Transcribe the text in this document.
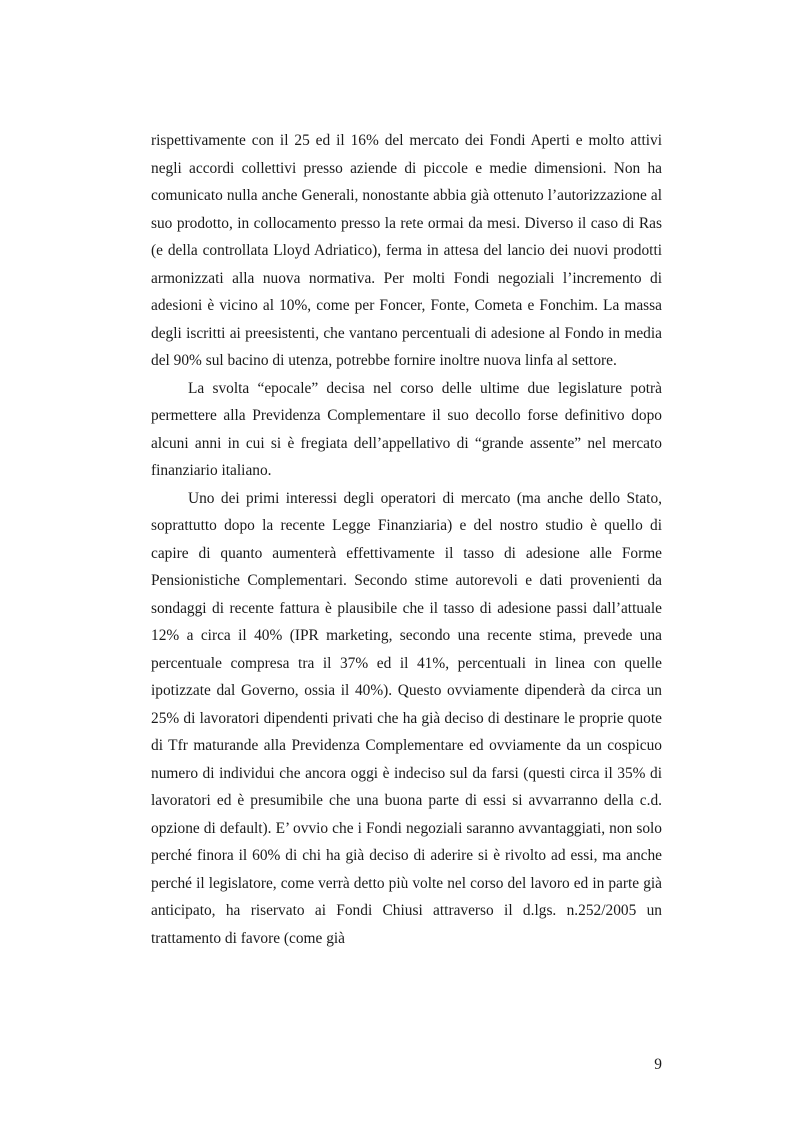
rispettivamente con il 25 ed il 16% del mercato dei Fondi Aperti e molto attivi negli accordi collettivi presso aziende di piccole e medie dimensioni. Non ha comunicato nulla anche Generali, nonostante abbia già ottenuto l’autorizzazione al suo prodotto, in collocamento presso la rete ormai da mesi. Diverso il caso di Ras (e della controllata Lloyd Adriatico), ferma in attesa del lancio dei nuovi prodotti armonizzati alla nuova normativa. Per molti Fondi negoziali l’incremento di adesioni è vicino al 10%, come per Foncer, Fonte, Cometa e Fonchim. La massa degli iscritti ai preesistenti, che vantano percentuali di adesione al Fondo in media del 90% sul bacino di utenza, potrebbe fornire inoltre nuova linfa al settore.

La svolta “epocale” decisa nel corso delle ultime due legislature potrà permettere alla Previdenza Complementare il suo decollo forse definitivo dopo alcuni anni in cui si è fregiata dell’appellativo di “grande assente” nel mercato finanziario italiano.

Uno dei primi interessi degli operatori di mercato (ma anche dello Stato, soprattutto dopo la recente Legge Finanziaria) e del nostro studio è quello di capire di quanto aumenterà effettivamente il tasso di adesione alle Forme Pensionistiche Complementari. Secondo stime autorevoli e dati provenienti da sondaggi di recente fattura è plausibile che il tasso di adesione passi dall’attuale 12% a circa il 40% (IPR marketing, secondo una recente stima, prevede una percentuale compresa tra il 37% ed il 41%, percentuali in linea con quelle ipotizzate dal Governo, ossia il 40%). Questo ovviamente dipenderà da circa un 25% di lavoratori dipendenti privati che ha già deciso di destinare le proprie quote di Tfr maturande alla Previdenza Complementare ed ovviamente da un cospicuo numero di individui che ancora oggi è indeciso sul da farsi (questi circa il 35% di lavoratori ed è presumibile che una buona parte di essi si avvarranno della c.d. opzione di default). E’ ovvio che i Fondi negoziali saranno avvantaggiati, non solo perché finora il 60% di chi ha già deciso di aderire si è rivolto ad essi, ma anche perché il legislatore, come verrà detto più volte nel corso del lavoro ed in parte già anticipato, ha riservato ai Fondi Chiusi attraverso il d.lgs. n.252/2005 un trattamento di favore (come già

9
